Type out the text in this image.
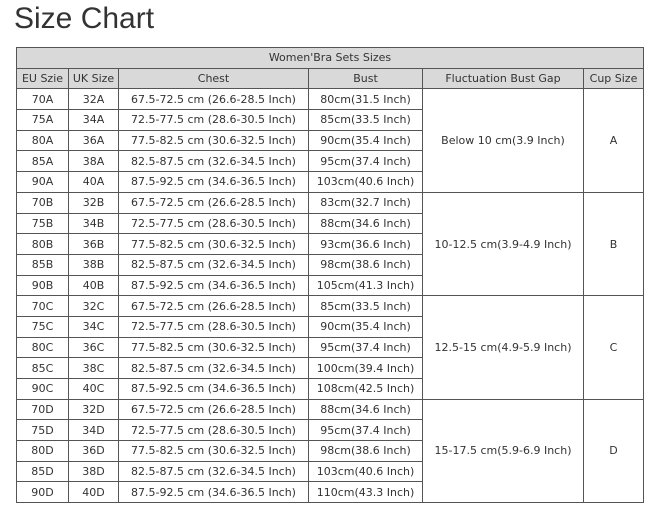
Size Chart
Women'Bra Sets Sizes					
EU Szie	UK Size	Chest	Bust	Fluctuation Bust Gap	Cup Size
70A	32A	67.5-72.5 cm (26.6-28.5 Inch)	80cm(31.5 Inch)	Below 10 cm(3.9 Inch)	A
75A	34A	72.5-77.5 cm (28.6-30.5 Inch)	85cm(33.5 Inch)		
80A	36A	77.5-82.5 cm (30.6-32.5 Inch)	90cm(35.4 Inch)		
85A	38A	82.5-87.5 cm (32.6-34.5 Inch)	95cm(37.4 Inch)		
90A	40A	87.5-92.5 cm (34.6-36.5 Inch)	103cm(40.6 Inch)		
70B	32B	67.5-72.5 cm (26.6-28.5 Inch)	83cm(32.7 Inch)	10-12.5 cm(3.9-4.9 Inch)	B
75B	34B	72.5-77.5 cm (28.6-30.5 Inch)	88cm(34.6 Inch)		
80B	36B	77.5-82.5 cm (30.6-32.5 Inch)	93cm(36.6 Inch)		
85B	38B	82.5-87.5 cm (32.6-34.5 Inch)	98cm(38.6 Inch)		
90B	40B	87.5-92.5 cm (34.6-36.5 Inch)	105cm(41.3 Inch)		
70C	32C	67.5-72.5 cm (26.6-28.5 Inch)	85cm(33.5 Inch)	12.5-15 cm(4.9-5.9 Inch)	C
75C	34C	72.5-77.5 cm (28.6-30.5 Inch)	90cm(35.4 Inch)		
80C	36C	77.5-82.5 cm (30.6-32.5 Inch)	95cm(37.4 Inch)		
85C	38C	82.5-87.5 cm (32.6-34.5 Inch)	100cm(39.4 Inch)		
90C	40C	87.5-92.5 cm (34.6-36.5 Inch)	108cm(42.5 Inch)		
70D	32D	67.5-72.5 cm (26.6-28.5 Inch)	88cm(34.6 Inch)	15-17.5 cm(5.9-6.9 Inch)	D
75D	34D	72.5-77.5 cm (28.6-30.5 Inch)	95cm(37.4 Inch)		
80D	36D	77.5-82.5 cm (30.6-32.5 Inch)	98cm(38.6 Inch)		
85D	38D	82.5-87.5 cm (32.6-34.5 Inch)	103cm(40.6 Inch)		
90D	40D	87.5-92.5 cm (34.6-36.5 Inch)	110cm(43.3 Inch)		
